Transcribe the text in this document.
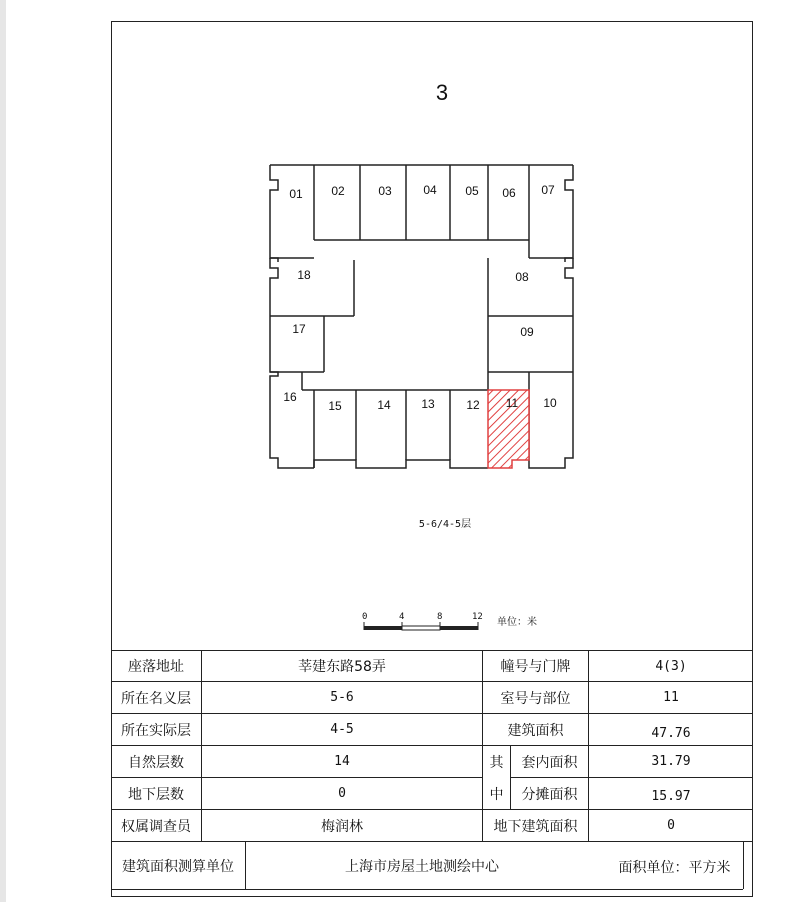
3
01 02	03	04 05 06 07
08
09
10
11
12
13
14
15
16
17
18
5-6/4-5层
0	4	8	12 单位：米
座落地址	莘建东路58弄	幢号与门牌	4(3)
所在名义层	5-6	室号与部位	11
所在实际层	4-5	建筑面积	47.76
自然层数	14	其	套内面积	31.79
地下层数	0	中	分摊面积	15.97
权属调查员	梅润林	地下建筑面积	0
建筑面积测算单位	上海市房屋土地测绘中心	面积单位：平方米
